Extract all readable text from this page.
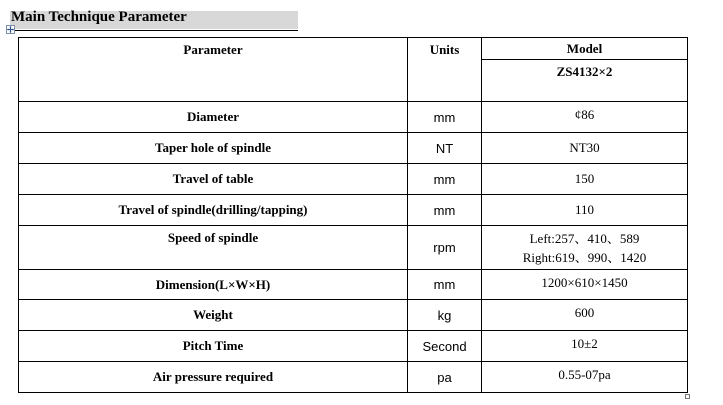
Main Technique Parameter
Parameter	Units	Model
		ZS4132×2
Diameter	mm	¢86
Taper hole of spindle	NT	NT30
Travel of table	mm	150
Travel of spindle(drilling/tapping)	mm	110
Speed of spindle	rpm	Left:257、410、589
Right:619、990、1420

Dimension(L×W×H)	mm	1200×610×1450
Weight	kg	600
Pitch Time	Second	10±2
Air pressure required	pa	0.55-07pa
